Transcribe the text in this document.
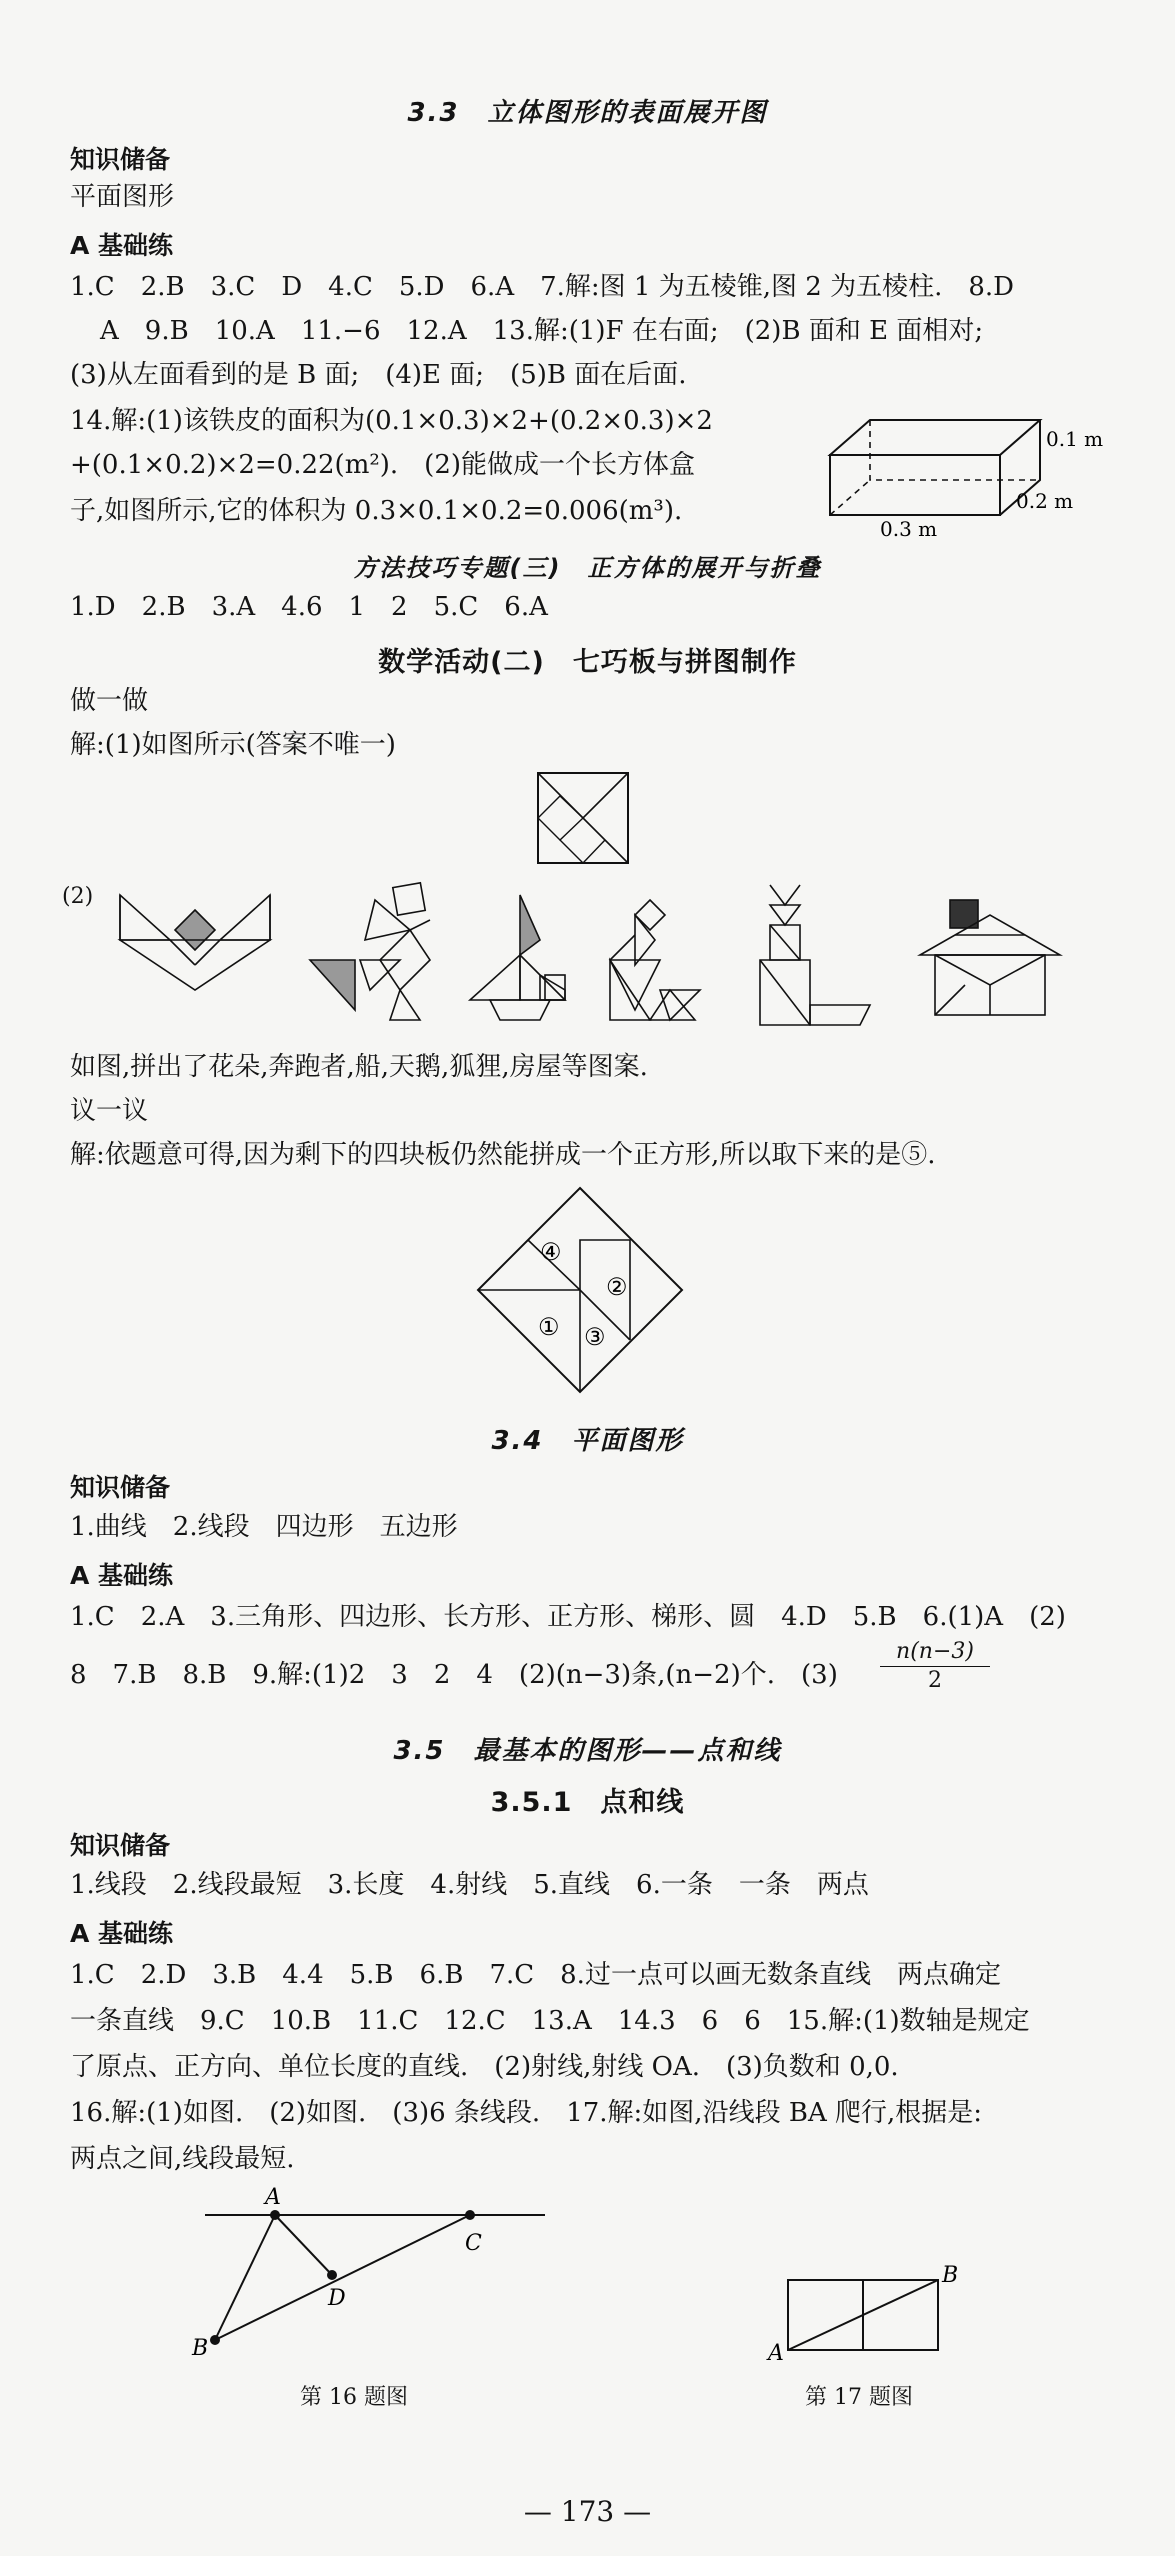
3.3　立体图形的表面展开图
知识储备
平面图形
A 基础练
1.C　2.B　3.C　D　4.C　5.D　6.A　7.解:图 1 为五棱锥,图 2 为五棱柱.　8.D
A　9.B　10.A　11.−6　12.A　13.解:(1)F 在右面;　(2)B 面和 E 面相对;
(3)从左面看到的是 B 面;　(4)E 面;　(5)B 面在后面.
14.解:(1)该铁皮的面积为(0.1×0.3)×2+(0.2×0.3)×2
+(0.1×0.2)×2=0.22(m²).　(2)能做成一个长方体盒
子,如图所示,它的体积为 0.3×0.1×0.2=0.006(m³).
0.1 m
0.2 m
0.3 m
方法技巧专题(三)　正方体的展开与折叠
1.D　2.B　3.A　4.6　1　2　5.C　6.A
数学活动(二)　七巧板与拼图制作
做一做
解:(1)如图所示(答案不唯一)
(2)
如图,拼出了花朵,奔跑者,船,天鹅,狐狸,房屋等图案.
议一议
解:依题意可得,因为剩下的四块板仍然能拼成一个正方形,所以取下来的是⑤.
④
②
① ③
3.4　平面图形
知识储备
1.曲线　2.线段　四边形　五边形
A 基础练
1.C　2.A　3.三角形、四边形、长方形、正方形、梯形、圆　4.D　5.B　6.(1)A　(2)
8　7.B　8.B　9.解:(1)2　3　2　4　(2)(n−3)条,(n−2)个.　$(3) \frac{n(n-3)}{2}$
3.5　最基本的图形——点和线
3.5.1　点和线
知识储备
1.线段　2.线段最短　3.长度　4.射线　5.直线　6.一条　一条　两点
A 基础练
1.C　2.D　3.B　4.4　5.B　6.B　7.C　8.过一点可以画无数条直线　两点确定
一条直线　9.C　10.B　11.C　12.C　13.A　14.3　6　6　15.解:(1)数轴是规定
了原点、正方向、单位长度的直线.　(2)射线,射线 OA.　(3)负数和 0,0.
16.解:(1)如图.　(2)如图.　(3)6 条线段.　17.解:如图,沿线段 BA 爬行,根据是:
两点之间,线段最短.
A
C
D
B
第 16 题图
B
A
第 17 题图
— 173 —
